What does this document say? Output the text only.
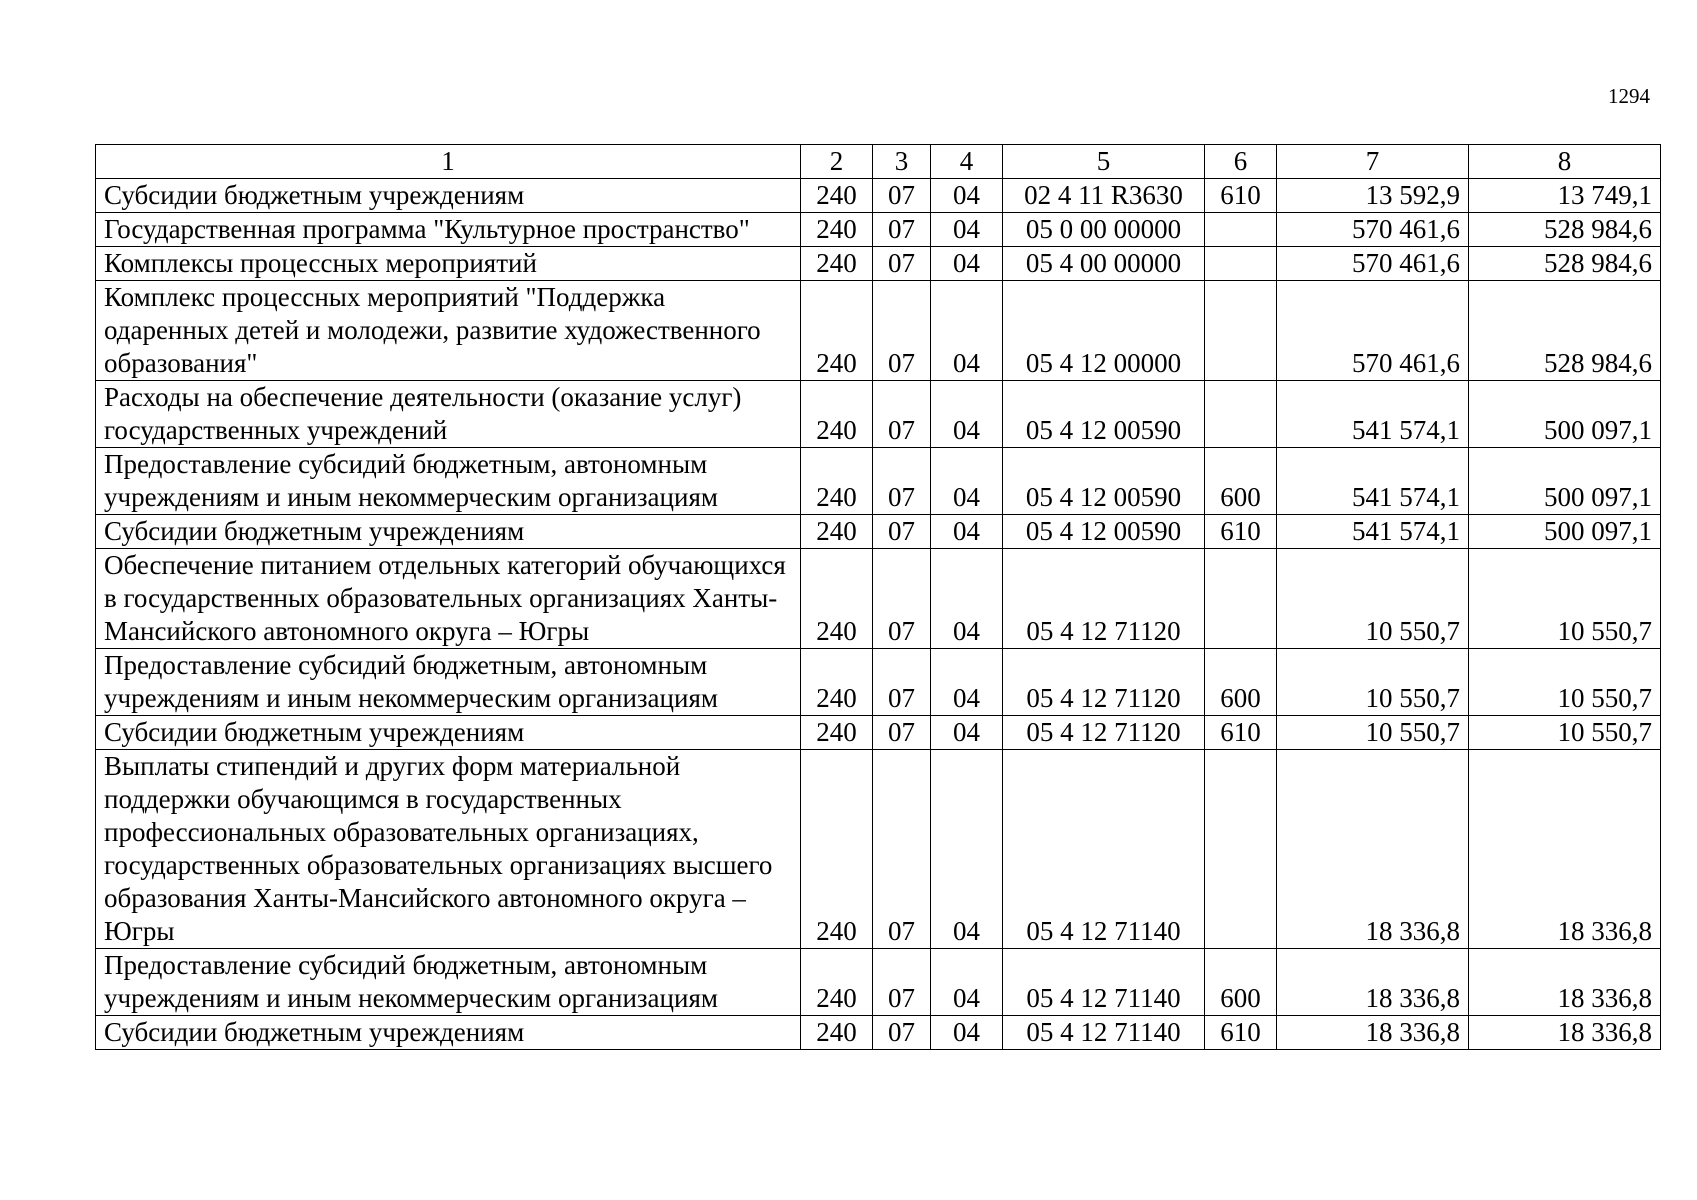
1294
1	2	3	4	5	6	7	8
Субсидии бюджетным учреждениям	240	07	04	02 4 11 R3630	610	13 592,9	13 749,1
Государственная программа "Культурное пространство"	240	07	04	05 0 00 00000		570 461,6	528 984,6
Комплексы процессных мероприятий	240	07	04	05 4 00 00000		570 461,6	528 984,6
Комплекс процессных мероприятий "Поддержка одаренных детей и молодежи, развитие художественного образования"	240	07	04	05 4 12 00000		570 461,6	528 984,6
Расходы на обеспечение деятельности (оказание услуг) государственных учреждений	240	07	04	05 4 12 00590		541 574,1	500 097,1
Предоставление субсидий бюджетным, автономным учреждениям и иным некоммерческим организациям	240	07	04	05 4 12 00590	600	541 574,1	500 097,1
Субсидии бюджетным учреждениям	240	07	04	05 4 12 00590	610	541 574,1	500 097,1
Обеспечение питанием отдельных категорий обучающихся в государственных образовательных организациях Ханты-Мансийского автономного округа – Югры	240	07	04	05 4 12 71120		10 550,7	10 550,7
Предоставление субсидий бюджетным, автономным учреждениям и иным некоммерческим организациям	240	07	04	05 4 12 71120	600	10 550,7	10 550,7
Субсидии бюджетным учреждениям	240	07	04	05 4 12 71120	610	10 550,7	10 550,7
Выплаты стипендий и других форм материальной поддержки обучающимся в государственных профессиональных образовательных организациях, государственных образовательных организациях высшего образования Ханты-Мансийского автономного округа – Югры	240	07	04	05 4 12 71140		18 336,8	18 336,8
Предоставление субсидий бюджетным, автономным учреждениям и иным некоммерческим организациям	240	07	04	05 4 12 71140	600	18 336,8	18 336,8
Субсидии бюджетным учреждениям	240	07	04	05 4 12 71140	610	18 336,8	18 336,8
